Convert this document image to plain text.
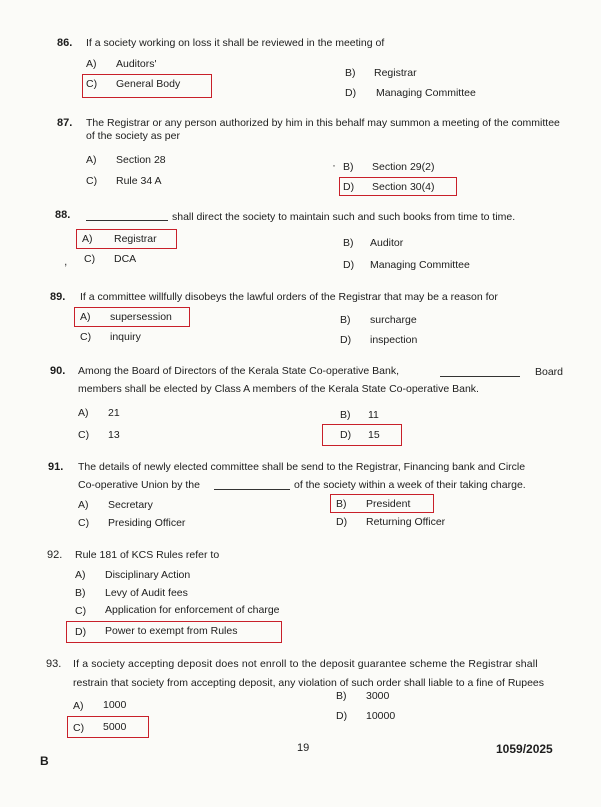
86. If a society working on loss it shall be reviewed in the meeting of
A) Auditors'
B) Registrar
C) General Body
D) Managing Committee
87. The Registrar or any person authorized by him in this behalf may summon a meeting of the committee
of the society as per
A) Section 28	· B) Section 29(2)
C) Rule 34 A	D) Section 30(4)
88.	shall direct the society to maintain such and such books from time to time.
A) Registrar	B) Auditor
, C) DCA	D) Managing Committee
89. If a committee willfully disobeys the lawful orders of the Registrar that may be a reason for
A) supersession	B) surcharge
C) inquiry	D) inspection
90. Among the Board of Directors of the Kerala State Co-operative Bank,	Board
members shall be elected by Class A members of the Kerala State Co-operative Bank.
A) 21	B) 11
C) 13	D) 15
91. The details of newly elected committee shall be send to the Registrar, Financing bank and Circle
Co-operative Union by the	of the society within a week of their taking charge.
A) Secretary	B) President
C) Presiding Officer	D) Returning Officer
92. Rule 181 of KCS Rules refer to
A) Disciplinary Action
B) Levy of Audit fees
C) Application for enforcement of charge
D) Power to exempt from Rules
93. If a society accepting deposit does not enroll to the deposit guarantee scheme the Registrar shall
restrain that society from accepting deposit, any violation of such order shall liable to a fine of Rupees
B) 3000
A) 1000
D) 10000
C) 5000
19	1059/2025
B
